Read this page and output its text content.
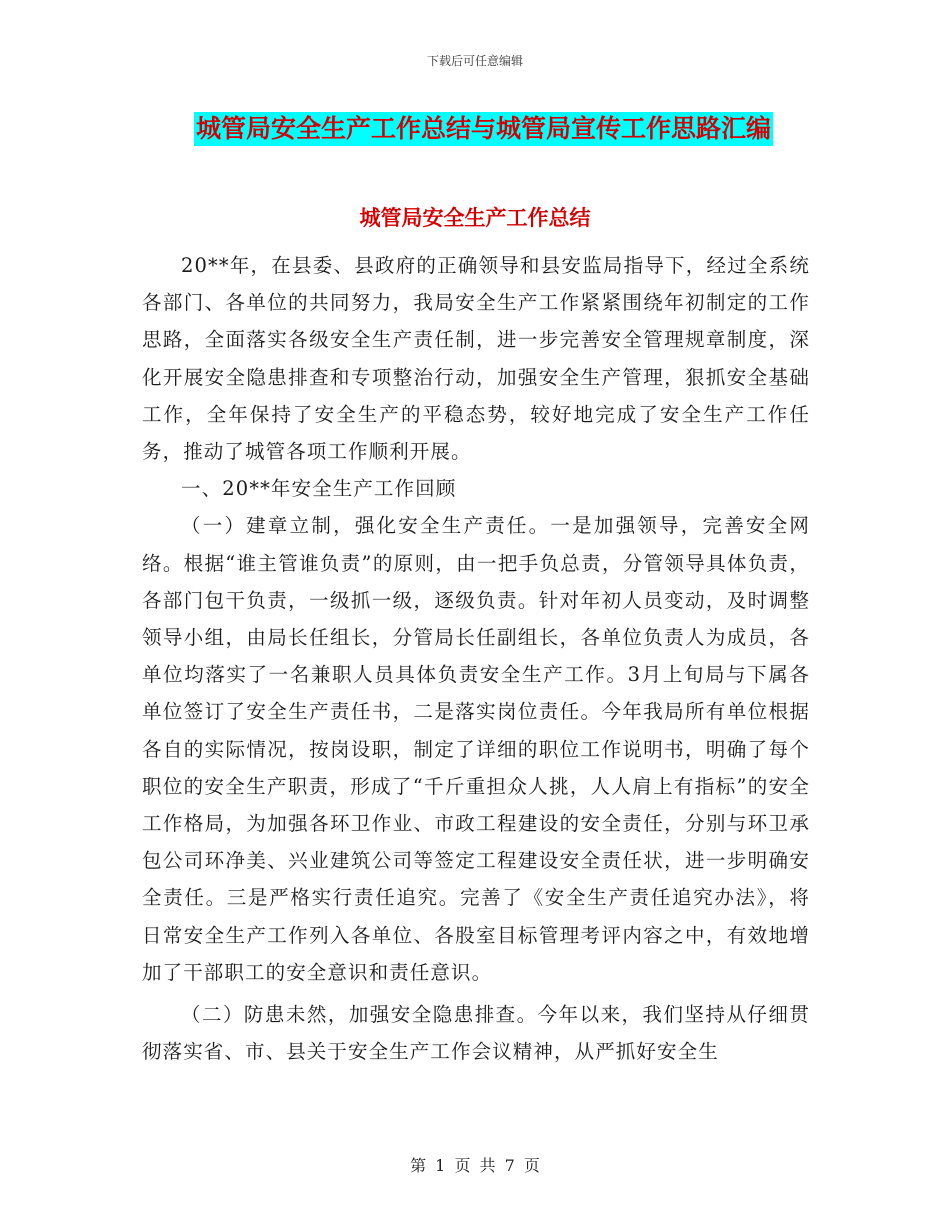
下载后可任意编辑
城管局安全生产工作总结与城管局宣传工作思路汇编
城管局安全生产工作总结

20**年，在县委、县政府的正确领导和县安监局指导下，经过全系统各部门、各单位的共同努力，我局安全生产工作紧紧围绕年初制定的工作思路，全面落实各级安全生产责任制，进一步完善安全管理规章制度，深化开展安全隐患排查和专项整治行动，加强安全生产管理，狠抓安全基础工作，全年保持了安全生产的平稳态势，较好地完成了安全生产工作任务，推动了城管各项工作顺利开展。

一、20**年安全生产工作回顾

（一）建章立制，强化安全生产责任。一是加强领导，完善安全网络。根据“谁主管谁负责”的原则，由一把手负总责，分管领导具体负责，各部门包干负责，一级抓一级，逐级负责。针对年初人员变动，及时调整领导小组，由局长任组长，分管局长任副组长，各单位负责人为成员，各单位均落实了一名兼职人员具体负责安全生产工作。3月上旬局与下属各单位签订了安全生产责任书，二是落实岗位责任。今年我局所有单位根据各自的实际情况，按岗设职，制定了详细的职位工作说明书，明确了每个职位的安全生产职责，形成了“千斤重担众人挑，人人肩上有指标”的安全工作格局，为加强各环卫作业、市政工程建设的安全责任，分别与环卫承包公司环净美、兴业建筑公司等签定工程建设安全责任状，进一步明确安全责任。三是严格实行责任追究。完善了《安全生产责任追究办法》，将日常安全生产工作列入各单位、各股室目标管理考评内容之中，有效地增加了干部职工的安全意识和责任意识。

（二）防患未然，加强安全隐患排查。今年以来，我们坚持从仔细贯彻落实省、市、县关于安全生产工作会议精神，从严抓好安全生

第 1 页 共 7 页
